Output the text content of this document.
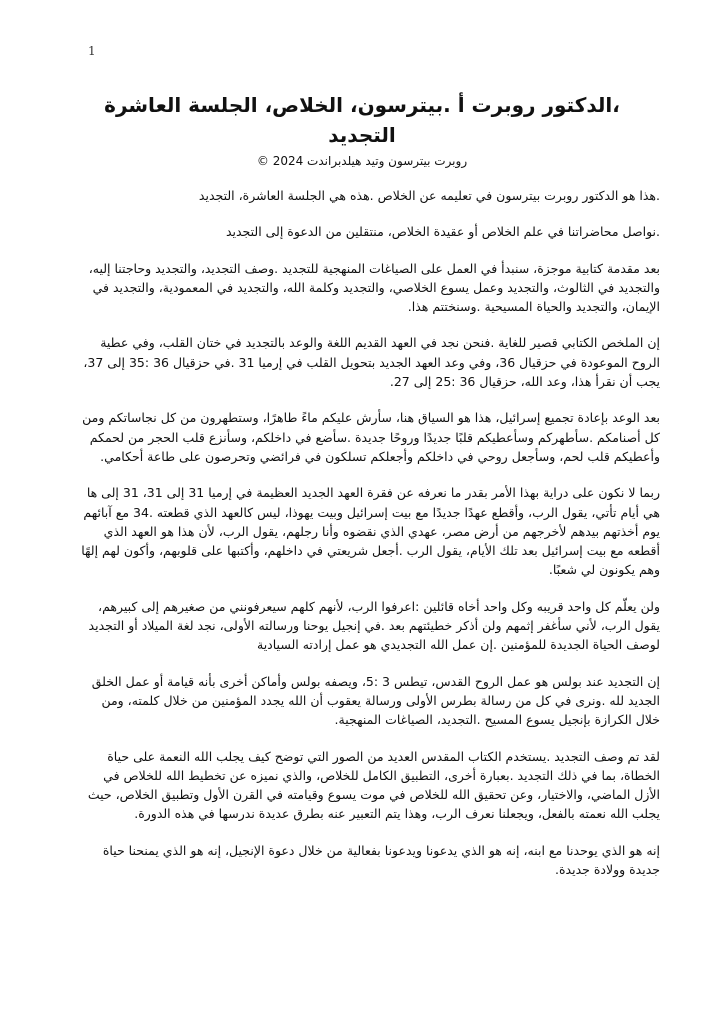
1
،الدكتور روبرت أ .بيترسون، الخلاص، الجلسة العاشرة التجديد
روبرت بيترسون وتيد هيلدبراندت 2024 ©

.هذا هو الدكتور روبرت بيترسون في تعليمه عن الخلاص .هذه هي الجلسة العاشرة، التجديد

.نواصل محاضراتنا في علم الخلاص أو عقيدة الخلاص، منتقلين من الدعوة إلى التجديد

بعد مقدمة كتابية موجزة، سنبدأ في العمل على الصياغات المنهجية للتجديد .وصف التجديد، والتجديد وحاجتنا إليه، والتجديد في الثالوث، والتجديد وعمل يسوع الخلاصي، والتجديد وكلمة الله، والتجديد في المعمودية، والتجديد في الإيمان، والتجديد والحياة المسيحية .وسنختتم هذا.

إن الملخص الكتابي قصير للغاية .فنحن نجد في العهد القديم اللغة والوعد بالتجديد في ختان القلب، وفي عطية الروح الموعودة في حزقيال 36، وفي وعد العهد الجديد بتحويل القلب في إرميا 31 .في حزقيال 36 :35 إلى 37، يجب أن نقرأ هذا، وعد الله، حزقيال 36 :25 إلى 27.

بعد الوعد بإعادة تجميع إسرائيل، هذا هو السياق هنا، سأرش عليكم ماءً طاهرًا، وستطهرون من كل نجاساتكم ومن كل أصنامكم .سأطهركم وسأعطيكم قلبًا جديدًا وروحًا جديدة .سأضع في داخلكم، وسأنزع قلب الحجر من لحمكم وأعطيكم قلب لحم، وسأجعل روحي في داخلكم وأجعلكم تسلكون في فرائضي وتحرصون على طاعة أحكامي.

ربما لا نكون على دراية بهذا الأمر بقدر ما نعرفه عن فقرة العهد الجديد العظيمة في إرميا 31 إلى 31، 31 إلى ها هي أيام تأتي، يقول الرب، وأقطع عهدًا جديدًا مع بيت إسرائيل وبيت يهوذا، ليس كالعهد الذي قطعته .34 مع آبائهم يوم أخذتهم بيدهم لأخرجهم من أرض مصر، عهدي الذي نقضوه وأنا رجلهم، يقول الرب، لأن هذا هو العهد الذي أقطعه مع بيت إسرائيل بعد تلك الأيام، يقول الرب .أجعل شريعتي في داخلهم، وأكتبها على قلوبهم، وأكون لهم إلهًا وهم يكونون لي شعبًا.

ولن يعلّم كل واحد قريبه وكل واحد أخاه قائلين :اعرفوا الرب، لأنهم كلهم سيعرفونني من صغيرهم إلى كبيرهم، يقول الرب، لأني سأغفر إثمهم ولن أذكر خطيئتهم بعد .في إنجيل يوحنا ورسالته الأولى، نجد لغة الميلاد أو التجديد لوصف الحياة الجديدة للمؤمنين .إن عمل الله التجديدي هو عمل إرادته السيادية

إن التجديد عند بولس هو عمل الروح القدس، تيطس 3 :5، ويصفه بولس وأماكن أخرى بأنه قيامة أو عمل الخلق الجديد لله .ونرى في كل من رسالة بطرس الأولى ورسالة يعقوب أن الله يجدد المؤمنين من خلال كلمته، ومن خلال الكرازة بإنجيل يسوع المسيح .التجديد، الصياغات المنهجية.

لقد تم وصف التجديد .يستخدم الكتاب المقدس العديد من الصور التي توضح كيف يجلب الله النعمة على حياة الخطاة، بما في ذلك التجديد .بعبارة أخرى، التطبيق الكامل للخلاص، والذي نميزه عن تخطيط الله للخلاص في الأزل الماضي، والاختيار، وعن تحقيق الله للخلاص في موت يسوع وقيامته في القرن الأول وتطبيق الخلاص، حيث يجلب الله نعمته بالفعل، ويجعلنا نعرف الرب، وهذا يتم التعبير عنه بطرق عديدة ندرسها في هذه الدورة.

إنه هو الذي يوحدنا مع ابنه، إنه هو الذي يدعونا ويدعونا بفعالية من خلال دعوة الإنجيل، إنه هو الذي يمنحنا حياة جديدة وولادة جديدة.
